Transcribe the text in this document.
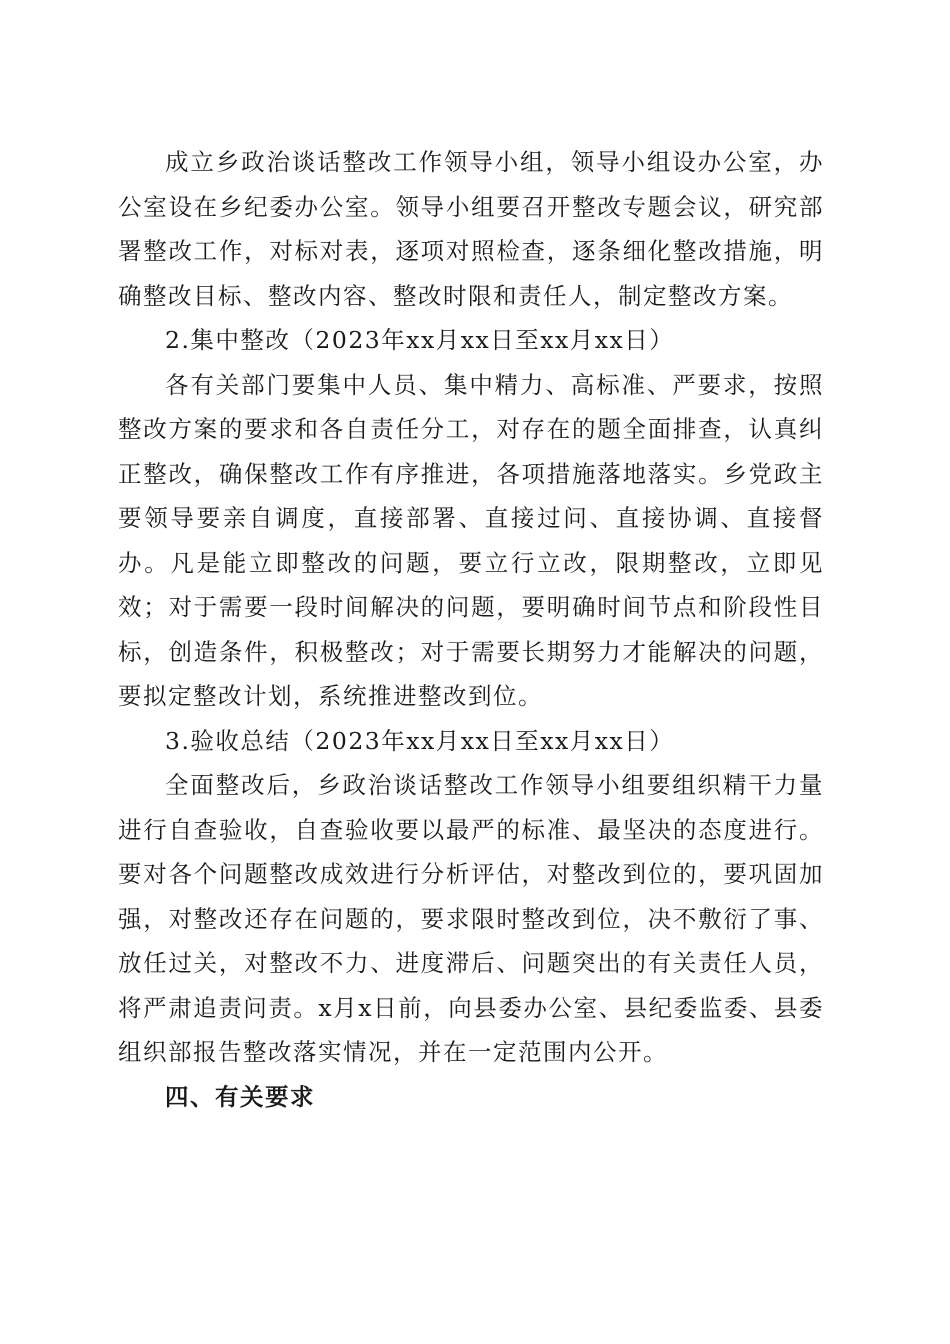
成立乡政治谈话整改工作领导小组，领导小组设办公室，办公室设在乡纪委办公室。领导小组要召开整改专题会议，研究部署整改工作，对标对表，逐项对照检查，逐条细化整改措施，明确整改目标、整改内容、整改时限和责任人，制定整改方案。

2.集中整改（2023年xx月xx日至xx月xx日）

各有关部门要集中人员、集中精力、高标准、严要求，按照整改方案的要求和各自责任分工，对存在的题全面排查，认真纠正整改，确保整改工作有序推进，各项措施落地落实。乡党政主要领导要亲自调度，直接部署、直接过问、直接协调、直接督办。凡是能立即整改的问题，要立行立改，限期整改，立即见效；对于需要一段时间解决的问题，要明确时间节点和阶段性目标，创造条件，积极整改；对于需要长期努力才能解决的问题，要拟定整改计划，系统推进整改到位。

3.验收总结（2023年xx月xx日至xx月xx日）

全面整改后，乡政治谈话整改工作领导小组要组织精干力量进行自查验收，自查验收要以最严的标准、最坚决的态度进行。要对各个问题整改成效进行分析评估，对整改到位的，要巩固加强，对整改还存在问题的，要求限时整改到位，决不敷衍了事、放任过关，对整改不力、进度滞后、问题突出的有关责任人员，将严肃追责问责。x月x日前，向县委办公室、县纪委监委、县委组织部报告整改落实情况，并在一定范围内公开。

四、有关要求
